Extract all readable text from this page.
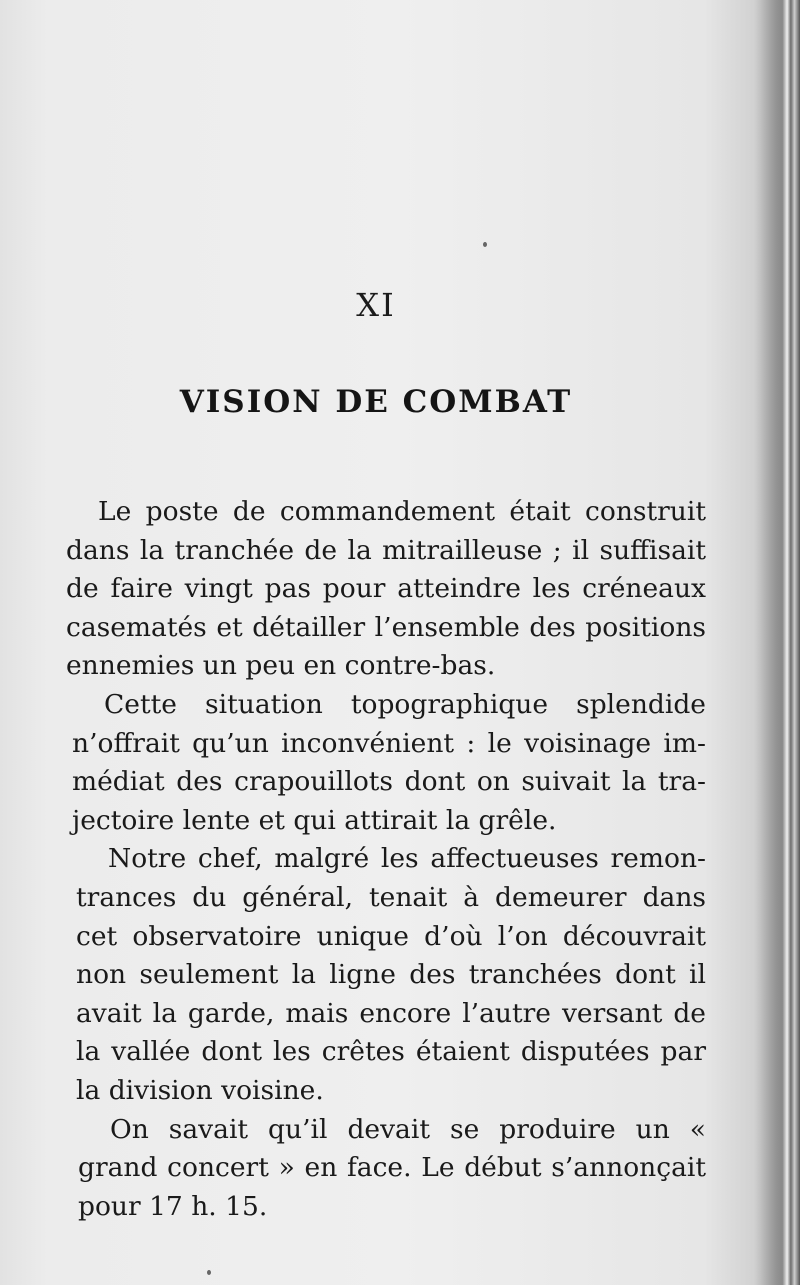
XI
VISION DE COMBAT

Le poste de commandement était construit dans la tranchée de la mitrailleuse ; il suffisait de faire vingt pas pour atteindre les créneaux casematés et détailler l’ensemble des positions ennemies un peu en contre-bas.

Cette situation topographique splendide n’offrait qu’un inconvénient : le voisinage immédiat des crapouillots dont on suivait la trajectoire lente et qui attirait la grêle.

Notre chef, malgré les affectueuses remontrances du général, tenait à demeurer dans cet observatoire unique d’où l’on découvrait non seulement la ligne des tranchées dont il avait la garde, mais encore l’autre versant de la vallée dont les crêtes étaient disputées par la division voisine.

On savait qu’il devait se produire un « grand concert » en face. Le début s’annonçait pour 17 h. 15.
